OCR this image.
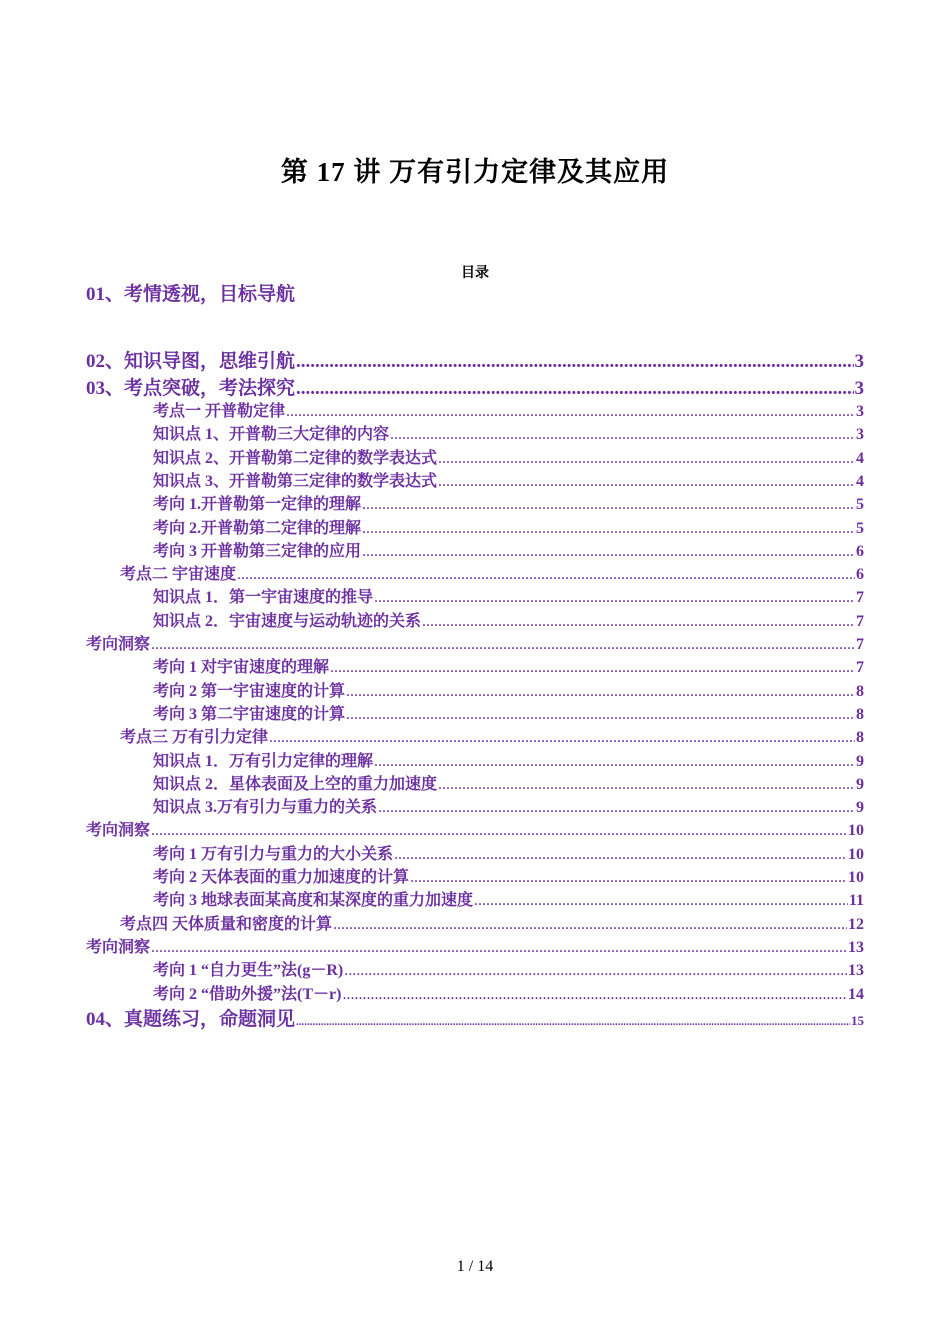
第 17 讲 万有引力定律及其应用
目录
01、考情透视，目标导航
02、知识导图，思维引航 .....	3
03、考点突破，考法探究 .....	3
考点一 开普勒定律 .....	3
知识点 1、开普勒三大定律的内容 .....	3
知识点 2、开普勒第二定律的数学表达式 .....	4
知识点 3、开普勒第三定律的数学表达式 .....	4
考向 1.开普勒第一定律的理解 .....	5
考向 2.开普勒第二定律的理解 .....	5
考向 3 开普勒第三定律的应用 .....	6
考点二 宇宙速度 .....	6
知识点 1．第一宇宙速度的推导 .....	7
知识点 2．宇宙速度与运动轨迹的关系 .....	7
考向洞察 .....	7
考向 1 对宇宙速度的理解 .....	7
考向 2 第一宇宙速度的计算 .....	8
考向 3 第二宇宙速度的计算 .....	8
考点三 万有引力定律 .....	8
知识点 1．万有引力定律的理解 .....	9
知识点 2．星体表面及上空的重力加速度 .....	9
知识点 3.万有引力与重力的关系 .....	9
考向洞察 .....	10
考向 1 万有引力与重力的大小关系 .....	10
考向 2 天体表面的重力加速度的计算 .....	10
考向 3 地球表面某高度和某深度的重力加速度 .....	11
考点四 天体质量和密度的计算 .....	12
考向洞察 .....	13
考向 1 “自力更生”法(g－R) .....	13
考向 2 “借助外援”法(T－r) .....	14
04、真题练习，命题洞见 .....	15
1 / 14
